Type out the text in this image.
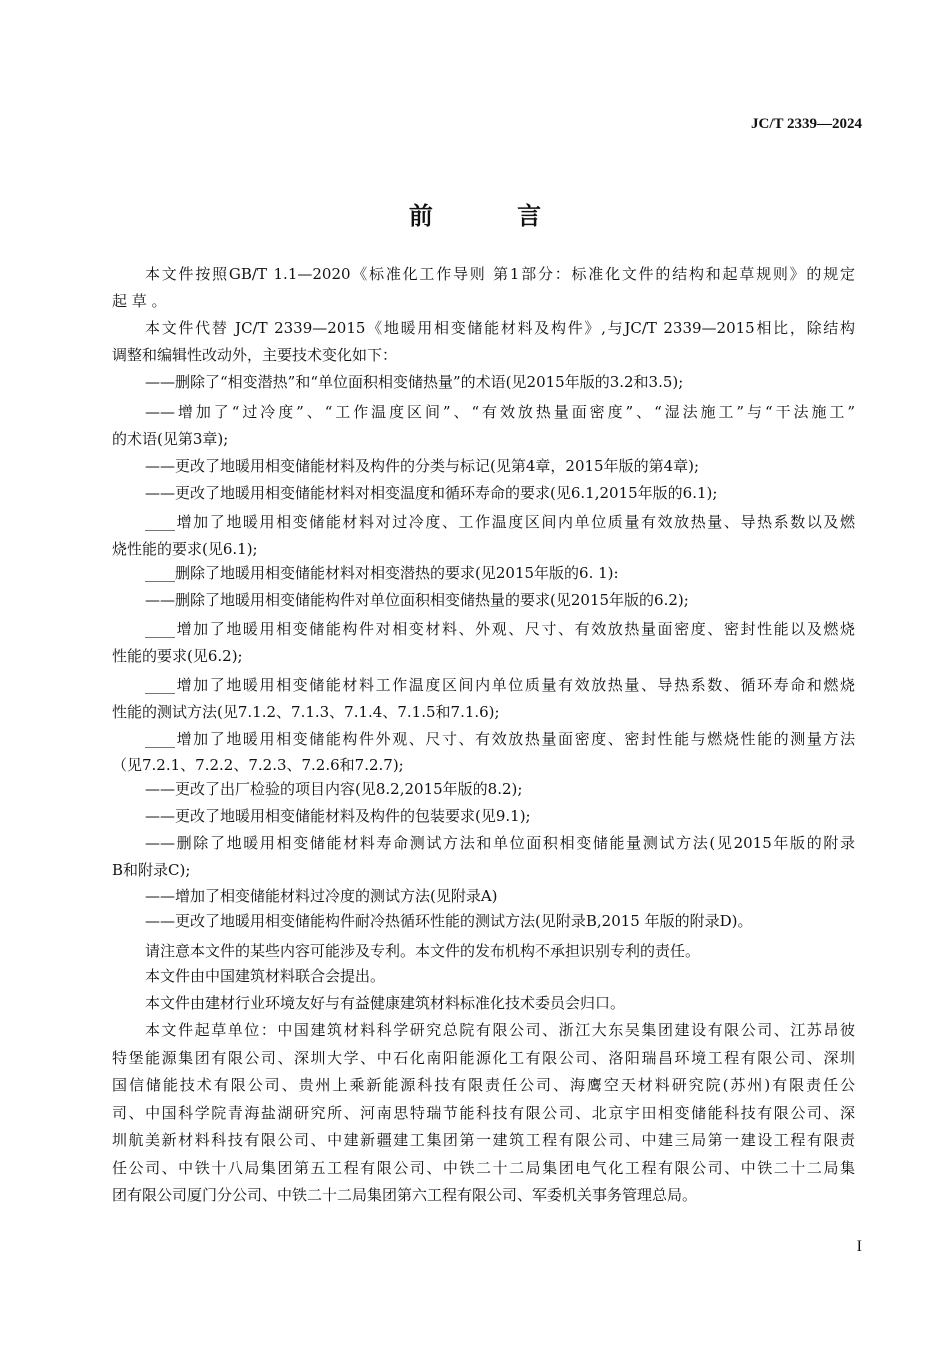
JC/T 2339—2024
前 言
本文件按照GB/T 1.1—2020《标准化工作导则 第1部分：标准化文件的结构和起草规则》的规定
起 草 。
本文件代替 JC/T 2339—2015《地暖用相变储能材料及构件》,与JC/T 2339—2015相比，除结构
调整和编辑性改动外，主要技术变化如下：
——删除了“相变潜热”和“单位面积相变储热量”的术语(见2015年版的3.2和3.5);
——增加了“过冷度”、“工作温度区间”、“有效放热量面密度”、“湿法施工”与“干法施工”
的术语(见第3章);
——更改了地暖用相变储能材料及构件的分类与标记(见第4章，2015年版的第4章);
——更改了地暖用相变储能材料对相变温度和循环寿命的要求(见6.1,2015年版的6.1);
____增加了地暖用相变储能材料对过冷度、工作温度区间内单位质量有效放热量、导热系数以及燃
烧性能的要求(见6.1);
____删除了地暖用相变储能材料对相变潜热的要求(见2015年版的6. 1):
——删除了地暖用相变储能构件对单位面积相变储热量的要求(见2015年版的6.2);
____增加了地暖用相变储能构件对相变材料、外观、尺寸、有效放热量面密度、密封性能以及燃烧
性能的要求(见6.2);
____增加了地暖用相变储能材料工作温度区间内单位质量有效放热量、导热系数、循环寿命和燃烧
性能的测试方法(见7.1.2、7.1.3、7.1.4、7.1.5和7.1.6);
____增加了地暖用相变储能构件外观、尺寸、有效放热量面密度、密封性能与燃烧性能的测量方法
（见7.2.1、7.2.2、7.2.3、7.2.6和7.2.7);
——更改了出厂检验的项目内容(见8.2,2015年版的8.2);
——更改了地暖用相变储能材料及构件的包装要求(见9.1);
——删除了地暖用相变储能材料寿命测试方法和单位面积相变储能量测试方法(见2015年版的附录
B和附录C);
——增加了相变储能材料过冷度的测试方法(见附录A)
——更改了地暖用相变储能构件耐冷热循环性能的测试方法(见附录B,2015 年版的附录D)。
请注意本文件的某些内容可能涉及专利。本文件的发布机构不承担识别专利的责任。
本文件由中国建筑材料联合会提出。
本文件由建材行业环境友好与有益健康建筑材料标准化技术委员会归口。
本文件起草单位：中国建筑材料科学研究总院有限公司、浙江大东吴集团建设有限公司、江苏昂彼
特堡能源集团有限公司、深圳大学、中石化南阳能源化工有限公司、洛阳瑞昌环境工程有限公司、深圳
国信储能技术有限公司、贵州上乘新能源科技有限责任公司、海鹰空天材料研究院(苏州)有限责任公
司、中国科学院青海盐湖研究所、河南思特瑞节能科技有限公司、北京宇田相变储能科技有限公司、深
圳航美新材料科技有限公司、中建新疆建工集团第一建筑工程有限公司、中建三局第一建设工程有限责
任公司、中铁十八局集团第五工程有限公司、中铁二十二局集团电气化工程有限公司、中铁二十二局集
团有限公司厦门分公司、中铁二十二局集团第六工程有限公司、军委机关事务管理总局。
I
